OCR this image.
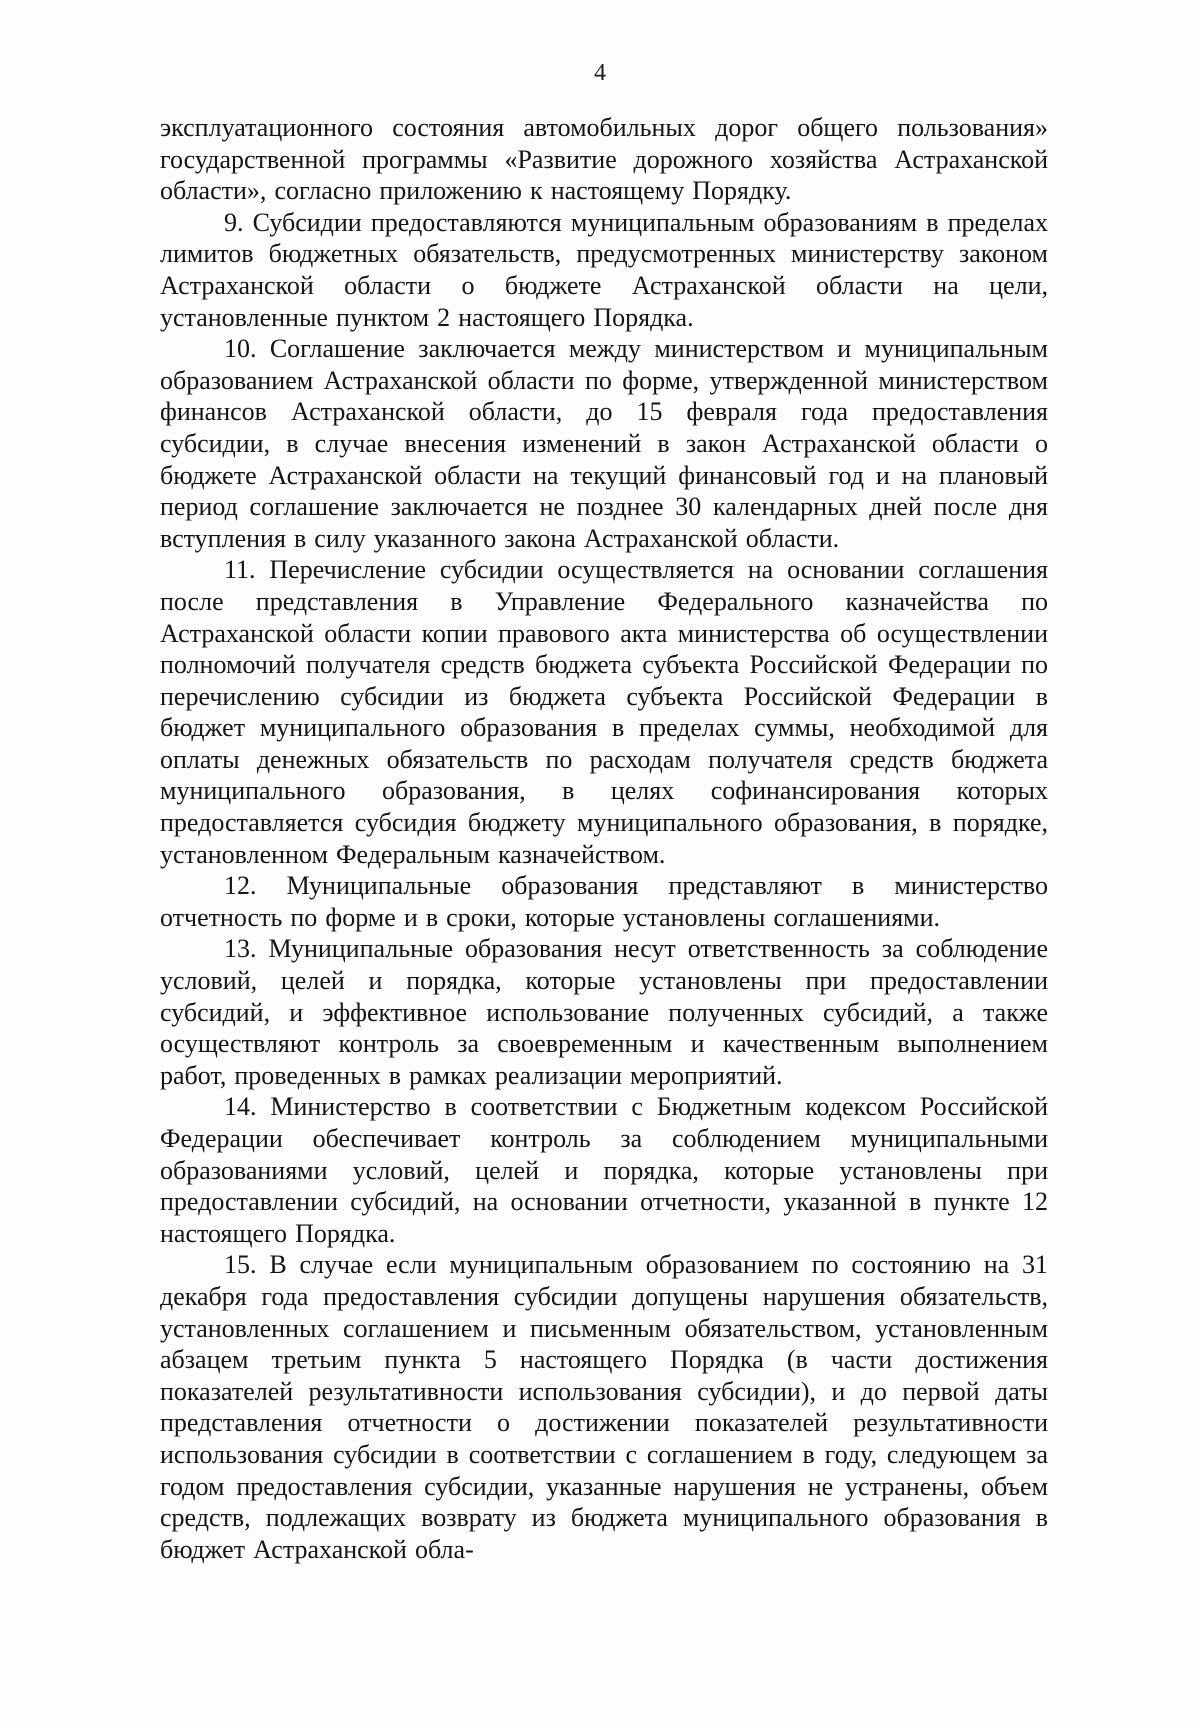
4

эксплуатационного состояния автомобильных дорог общего пользования» государственной программы «Развитие дорожного хозяйства Астраханской области», согласно приложению к настоящему Порядку.

9. Субсидии предоставляются муниципальным образованиям в пределах лимитов бюджетных обязательств, предусмотренных министерству законом Астраханской области о бюджете Астраханской области на цели, установленные пунктом 2 настоящего Порядка.

10. Соглашение заключается между министерством и муниципальным образованием Астраханской области по форме, утвержденной министерством финансов Астраханской области, до 15 февраля года предоставления субсидии, в случае внесения изменений в закон Астраханской области о бюджете Астраханской области на текущий финансовый год и на плановый период соглашение заключается не позднее 30 календарных дней после дня вступления в силу указанного закона Астраханской области.

11. Перечисление субсидии осуществляется на основании соглашения после представления в Управление Федерального казначейства по Астраханской области копии правового акта министерства об осуществлении полномочий получателя средств бюджета субъекта Российской Федерации по перечислению субсидии из бюджета субъекта Российской Федерации в бюджет муниципального образования в пределах суммы, необходимой для оплаты денежных обязательств по расходам получателя средств бюджета муниципального образования, в целях софинансирования которых предоставляется субсидия бюджету муниципального образования, в порядке, установленном Федеральным казначейством.

12. Муниципальные образования представляют в министерство отчетность по форме и в сроки, которые установлены соглашениями.

13. Муниципальные образования несут ответственность за соблюдение условий, целей и порядка, которые установлены при предоставлении субсидий, и эффективное использование полученных субсидий, а также осуществляют контроль за своевременным и качественным выполнением работ, проведенных в рамках реализации мероприятий.

14. Министерство в соответствии с Бюджетным кодексом Российской Федерации обеспечивает контроль за соблюдением муниципальными образованиями условий, целей и порядка, которые установлены при предоставлении субсидий, на основании отчетности, указанной в пункте 12 настоящего Порядка.

15. В случае если муниципальным образованием по состоянию на 31 декабря года предоставления субсидии допущены нарушения обязательств, установленных соглашением и письменным обязательством, установленным абзацем третьим пункта 5 настоящего Порядка (в части достижения показателей результативности использования субсидии), и до первой даты представления отчетности о достижении показателей результативности использования субсидии в соответствии с соглашением в году, следующем за годом предоставления субсидии, указанные нарушения не устранены, объем средств, подлежащих возврату из бюджета муниципального образования в бюджет Астраханской обла-
